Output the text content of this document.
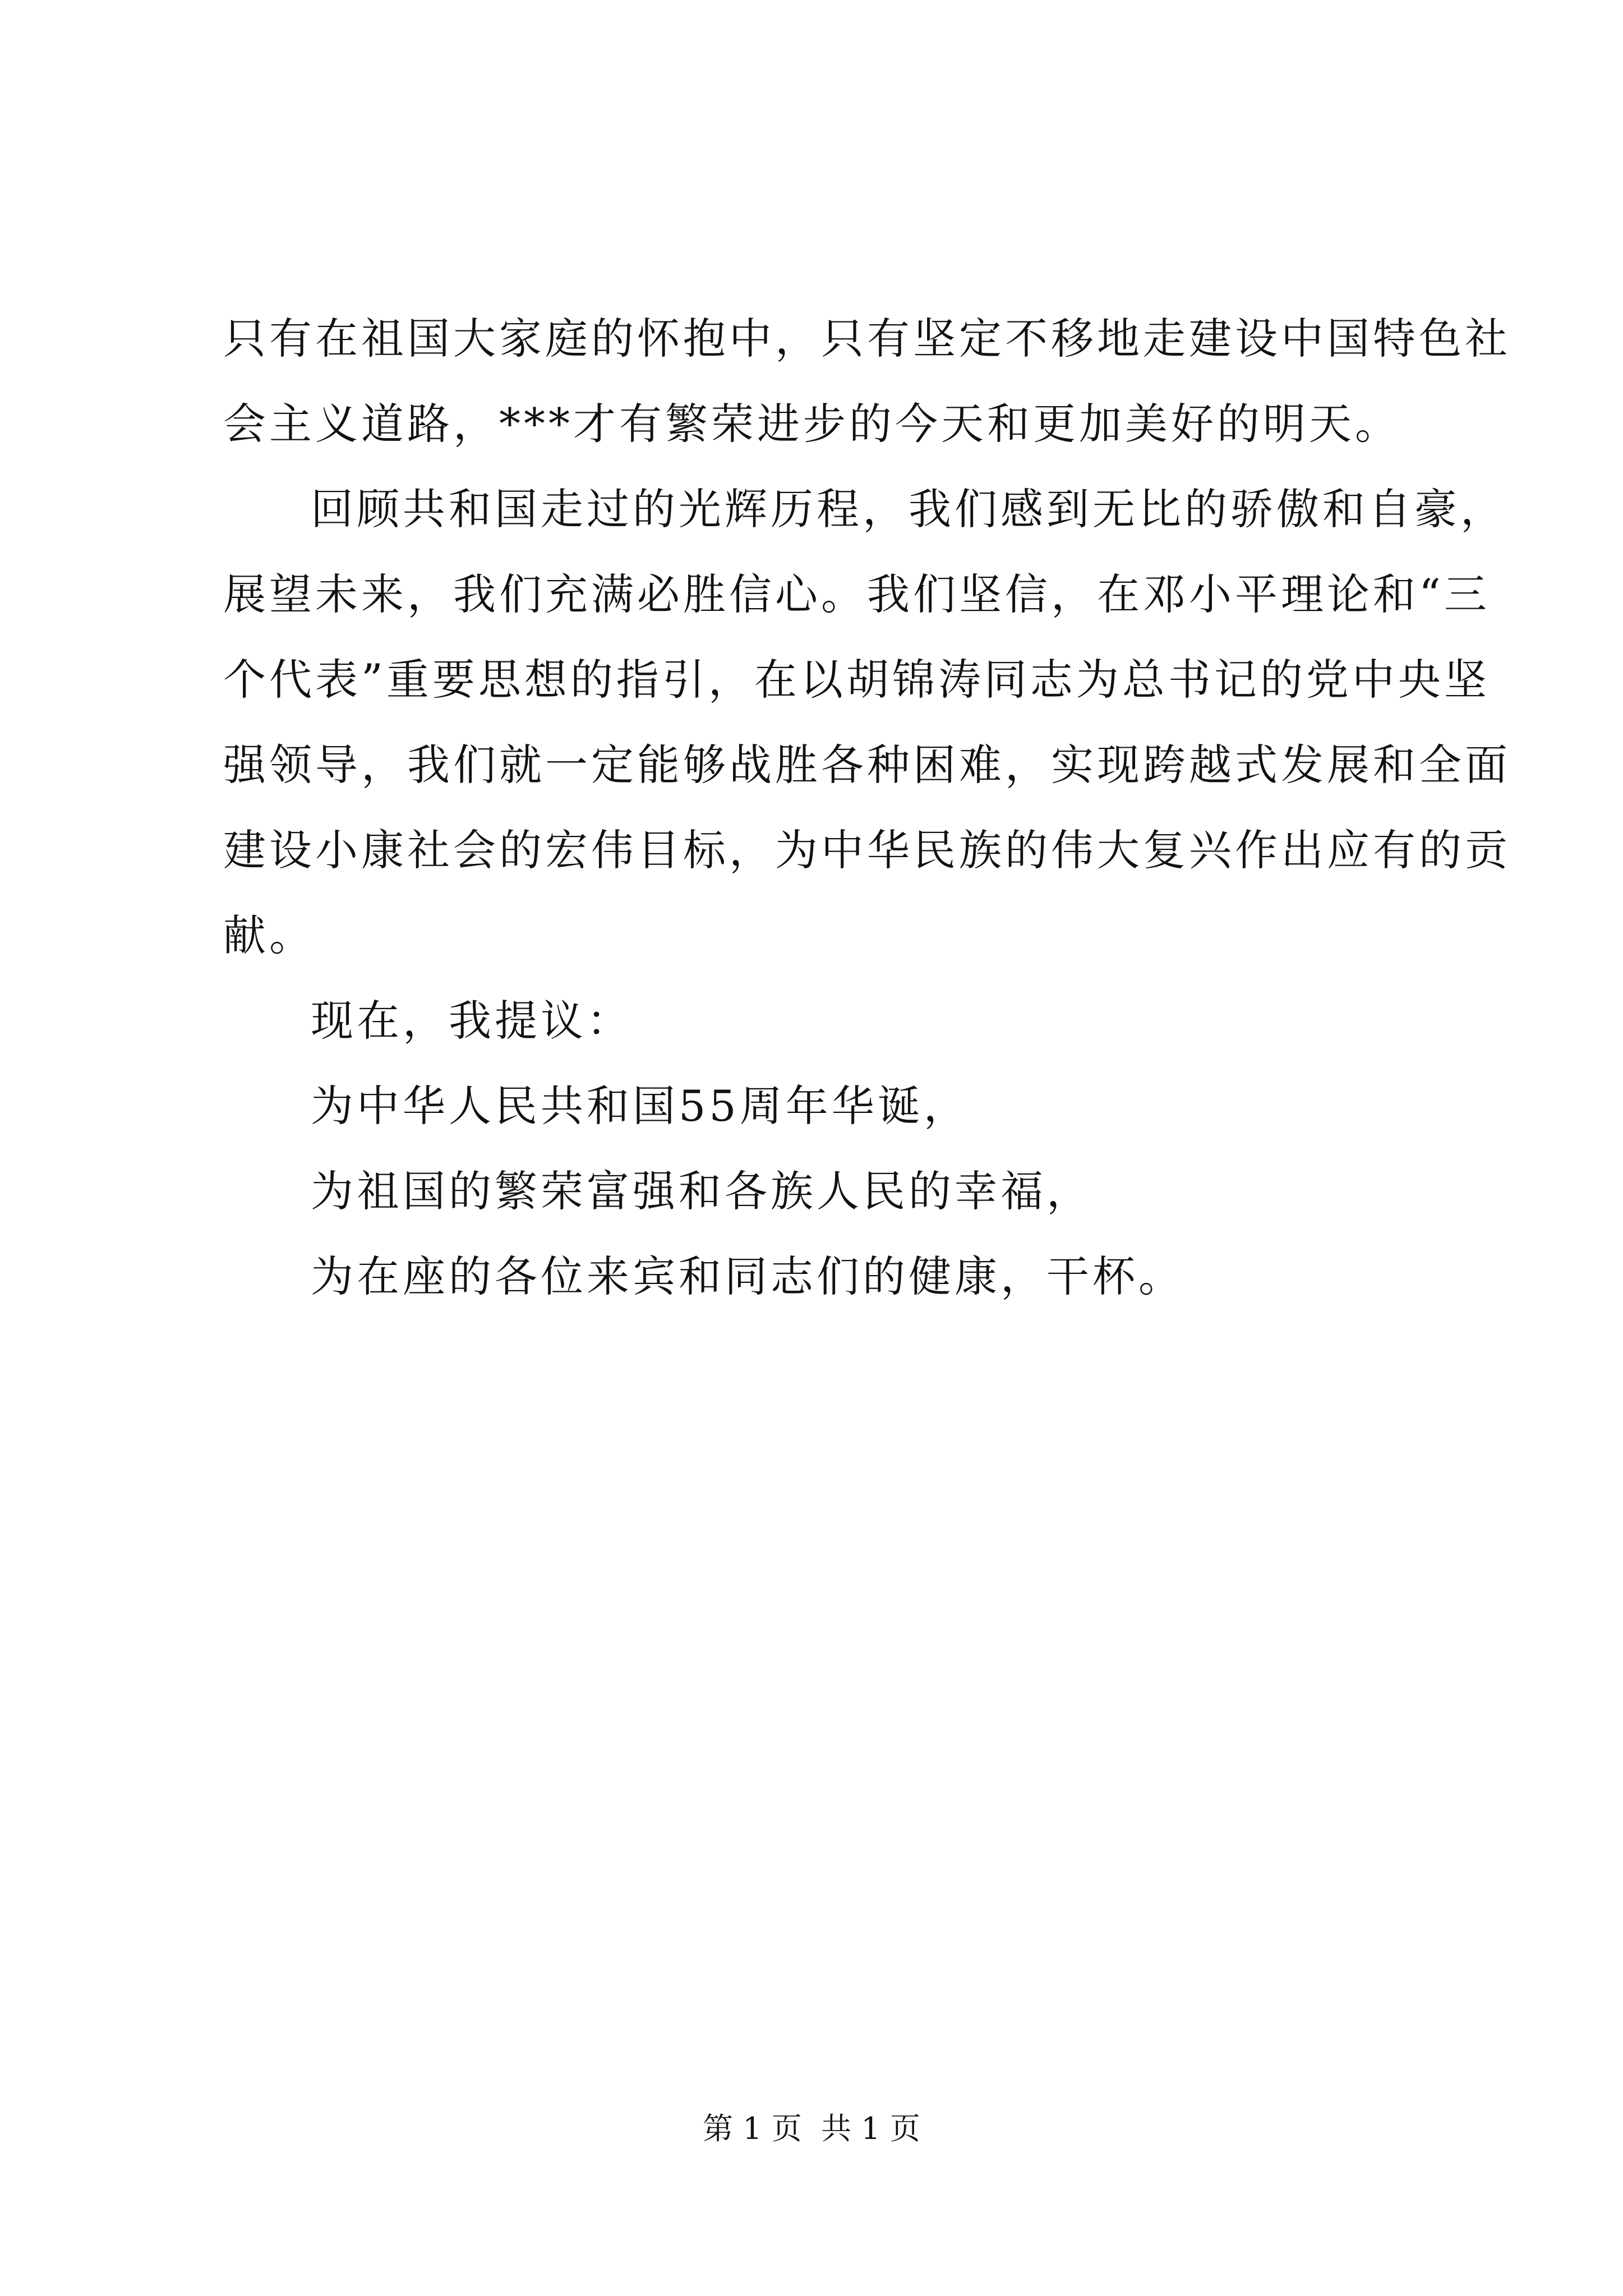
只有在祖国大家庭的怀抱中，只有坚定不移地走建设中国特色社
会主义道路，***才有繁荣进步的今天和更加美好的明天。

回顾共和国走过的光辉历程，我们感到无比的骄傲和自豪，
展望未来，我们充满必胜信心。我们坚信，在邓小平理论和“三
个代表”重要思想的指引，在以胡锦涛同志为总书记的党中央坚
强领导，我们就一定能够战胜各种困难，实现跨越式发展和全面
建设小康社会的宏伟目标，为中华民族的伟大复兴作出应有的贡
献。

现在，我提议：

为中华人民共和国55周年华诞，

为祖国的繁荣富强和各族人民的幸福，

为在座的各位来宾和同志们的健康，干杯。

第 1 页  共 1 页
